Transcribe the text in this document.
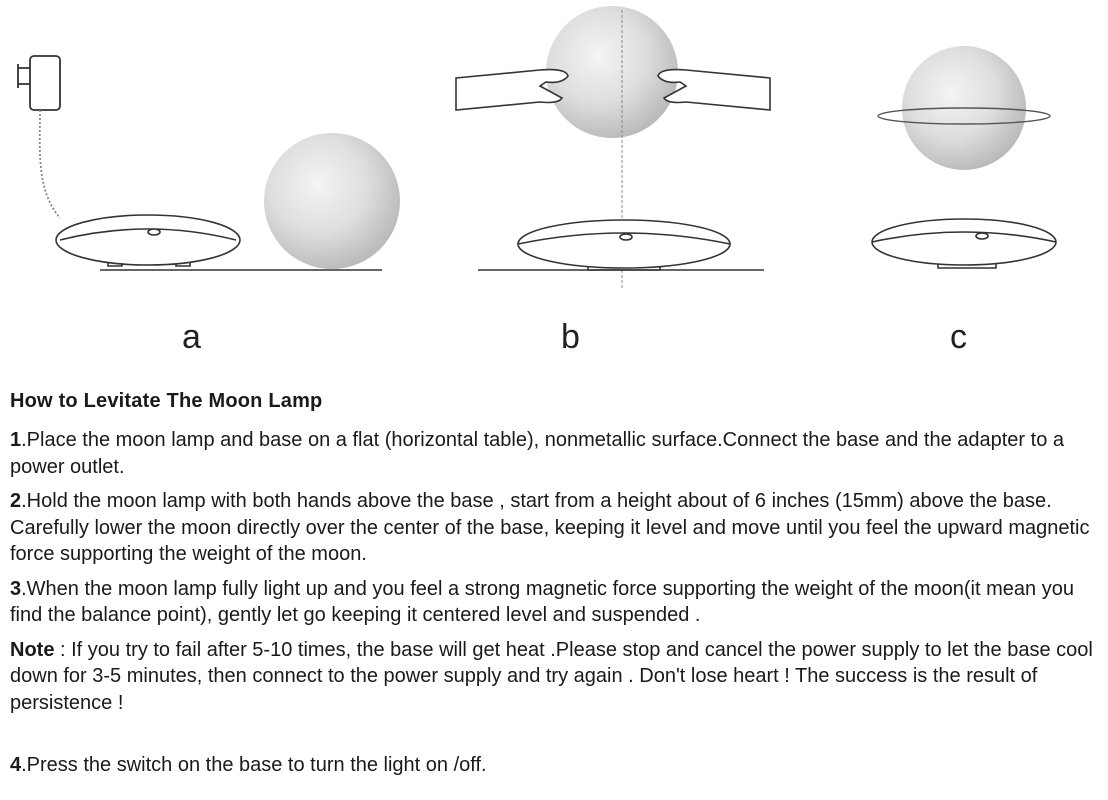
a	b	c
How to Levitate The Moon Lamp

1.Place the moon lamp and base on a flat (horizontal table), nonmetallic surface.Connect the base and the adapter to a power outlet.

2.Hold the moon lamp with both hands above the base , start from a height about of 6 inches (15mm) above the base. Carefully lower the moon directly over the center of the base, keeping it level and move until you feel the upward magnetic force supporting the weight of the moon.

3.When the moon lamp fully light up and you feel a strong magnetic force supporting the weight of the moon(it mean you find the balance point), gently let go keeping it centered level and suspended .

Note : If you try to fail after 5-10 times, the base will get heat .Please stop and cancel the power supply to let the base cool down for 3-5 minutes, then connect to the power supply and try again . Don't lose heart ! The success is the result of persistence !

4.Press the switch on the base to turn the light on /off.
